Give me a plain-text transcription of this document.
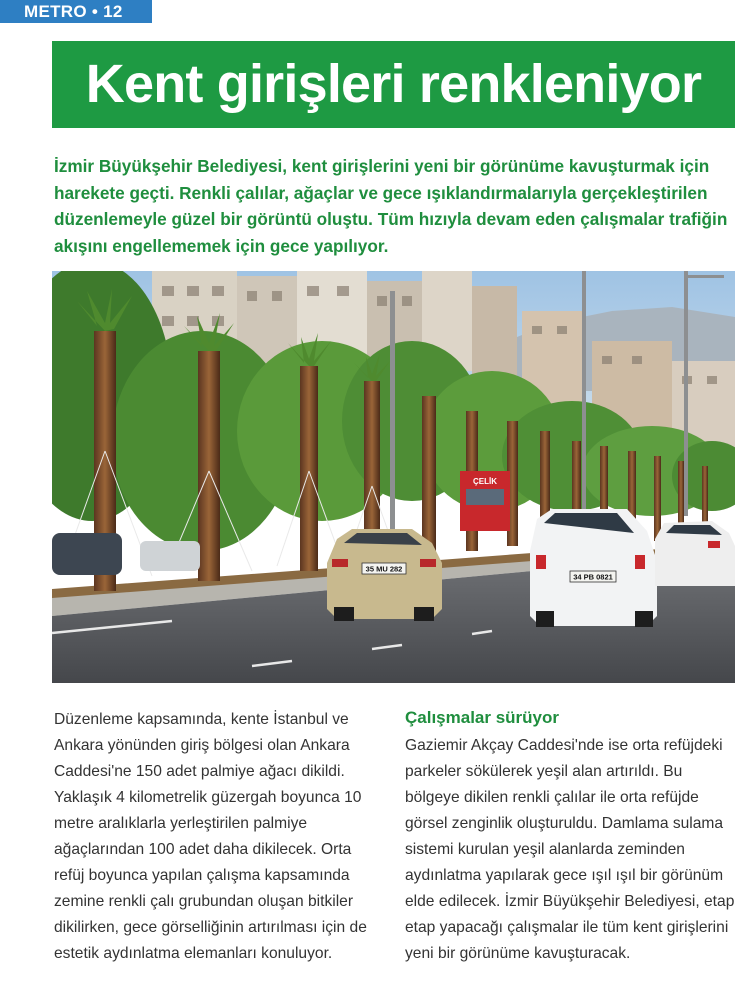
METRO • 12
Kent girişleri renkleniyor

İzmir Büyükşehir Belediyesi, kent girişlerini yeni bir görünüme kavuşturmak için harekete geçti. Renkli çalılar, ağaçlar ve gece ışıklandırmalarıyla gerçekleştirilen düzenlemeyle güzel bir görüntü oluştu. Tüm hızıyla devam eden çalışmalar trafiğin akışını engellememek için gece yapılıyor.

ÇELİK
35 MU 282
34 PB 0821

Düzenleme kapsamında, kente İstanbul ve Ankara yönünden giriş bölgesi olan Ankara Caddesi'ne 150 adet palmiye ağacı dikildi. Yaklaşık 4 kilometrelik güzergah boyunca 10 metre aralıklarla yerleştirilen palmiye ağaçlarından 100 adet daha dikilecek. Orta refüj boyunca yapılan çalışma kapsamında zemine renkli çalı grubundan oluşan bitkiler dikilirken, gece görselliğinin artırılması için de estetik aydınlatma elemanları konuluyor.

Çalışmalar sürüyor

Gaziemir Akçay Caddesi'nde ise orta refüjdeki parkeler sökülerek yeşil alan artırıldı. Bu bölgeye dikilen renkli çalılar ile orta refüjde görsel zenginlik oluşturuldu. Damlama sulama sistemi kurulan yeşil alanlarda zeminden aydınlatma yapılarak gece ışıl ışıl bir görünüm elde edilecek. İzmir Büyükşehir Belediyesi, etap etap yapacağı çalışmalar ile tüm kent girişlerini yeni bir görünüme kavuşturacak.
